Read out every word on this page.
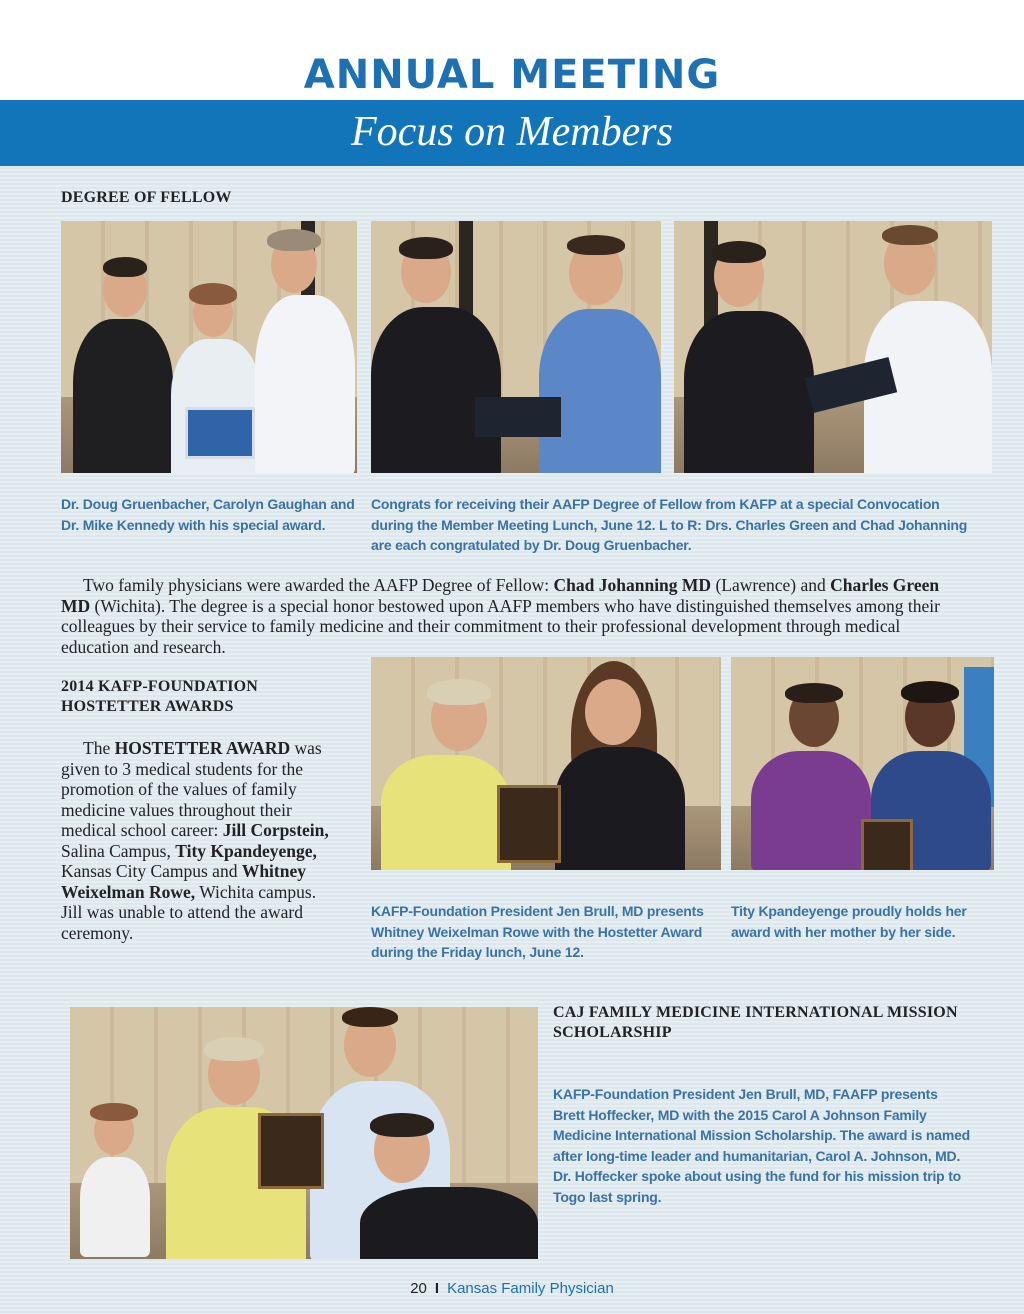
ANNUAL MEETING
Focus on Members
DEGREE OF FELLOW
Dr. Doug Gruenbacher, Carolyn Gaughan and Dr. Mike Kennedy with his special award.
Congrats for receiving their AAFP Degree of Fellow from KAFP at a special Convocation during the Member Meeting Lunch, June 12. L to R: Drs. Charles Green and Chad Johanning are each congratulated by Dr. Doug Gruenbacher.
Two family physicians were awarded the AAFP Degree of Fellow: Chad Johanning MD (Lawrence) and Charles Green MD (Wichita). The degree is a special honor bestowed upon AAFP members who have distinguished themselves among their colleagues by their service to family medicine and their commitment to their professional development through medical education and research.
2014 KAFP-FOUNDATION
HOSTETTER AWARDS
The HOSTETTER AWARD was given to 3 medical students for the promotion of the values of family medicine values throughout their medical school career: Jill Corpstein, Salina Campus, Tity Kpandeyenge, Kansas City Campus and Whitney Weixelman Rowe, Wichita campus. Jill was unable to attend the award ceremony.
KAFP-Foundation President Jen Brull, MD presents Whitney Weixelman Rowe with the Hostetter Award during the Friday lunch, June 12.
Tity Kpandeyenge proudly holds her award with her mother by her side.
CAJ FAMILY MEDICINE INTERNATIONAL MISSION
SCHOLARSHIP
KAFP-Foundation President Jen Brull, MD, FAAFP presents Brett Hoffecker, MD with the 2015 Carol A Johnson Family Medicine International Mission Scholarship. The award is named after long-time leader and humanitarian, Carol A. Johnson, MD. Dr. Hoffecker spoke about using the fund for his mission trip to Togo last spring.
20 I Kansas Family Physician
